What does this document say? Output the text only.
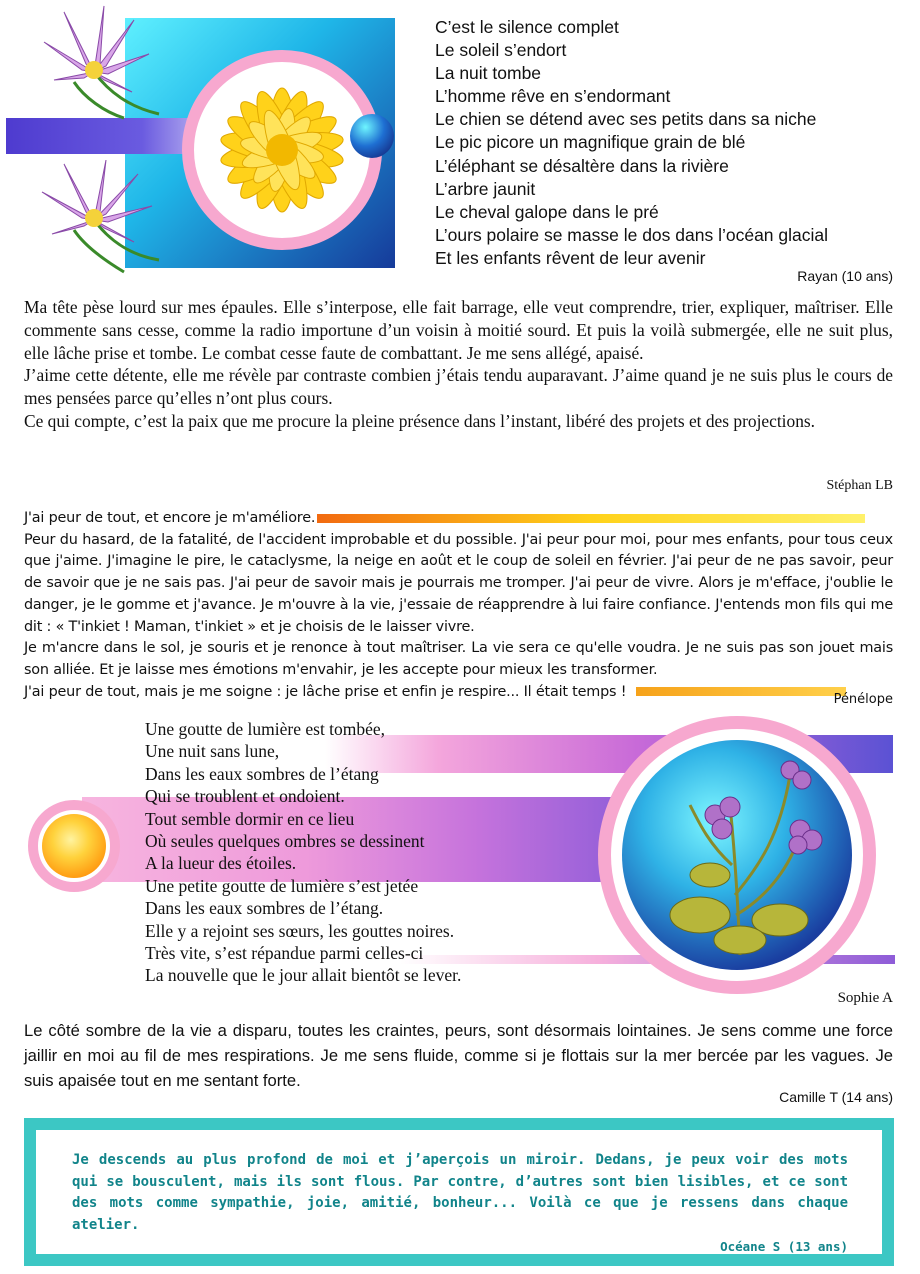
C’est le silence complet
Le soleil s’endort
La nuit tombe
L’homme rêve en s’endormant
Le chien se détend avec ses petits dans sa niche
Le pic picore un magnifique grain de blé
L’éléphant se désaltère dans la rivière
L’arbre jaunit
Le cheval galope dans le pré
L’ours polaire se masse le dos dans l’océan glacial
Et les enfants rêvent de leur avenir
Rayan (10 ans)

Ma tête pèse lourd sur mes épaules. Elle s’interpose, elle fait barrage, elle veut comprendre, trier, expliquer, maîtriser. Elle commente sans cesse, comme la radio importune d’un voisin à moitié sourd. Et puis la voilà submergée, elle ne suit plus, elle lâche prise et tombe. Le combat cesse faute de combattant. Je me sens allégé, apaisé.

J’aime cette détente, elle me révèle par contraste combien j’étais tendu auparavant. J’aime quand je ne suis plus le cours de mes pensées parce qu’elles n’ont plus cours.

Ce qui compte, c’est la paix que me procure la pleine présence dans l’instant, libéré des projets et des projections.

Stéphan LB

J'ai peur de tout, et encore je m'améliore.

Peur du hasard, de la fatalité, de l'accident improbable et du possible. J'ai peur pour moi, pour mes enfants, pour tous ceux que j'aime. J'imagine le pire, le cataclysme, la neige en août et le coup de soleil en février. J'ai peur de ne pas savoir, peur de savoir que je ne sais pas. J'ai peur de savoir mais je pourrais me tromper. J'ai peur de vivre. Alors je m'efface, j'oublie le danger, je le gomme et j'avance. Je m'ouvre à la vie, j'essaie de réapprendre à lui faire confiance. J'entends mon fils qui me dit : « T'inkiet ! Maman, t'inkiet » et je choisis de le laisser vivre.

Je m'ancre dans le sol, je souris et je renonce à tout maîtriser. La vie sera ce qu'elle voudra. Je ne suis pas son jouet mais son alliée. Et je laisse mes émotions m'envahir, je les accepte pour mieux les transformer.

J'ai peur de tout, mais je me soigne : je lâche prise et enfin je respire... Il était temps !	Pénélope
Une goutte de lumière est tombée,
Une nuit sans lune,
Dans les eaux sombres de l’étang
Qui se troublent et ondoient.
Tout semble dormir en ce lieu
Où seules quelques ombres se dessinent
A la lueur des étoiles.
Une petite goutte de lumière s’est jetée
Dans les eaux sombres de l’étang.
Elle y a rejoint ses sœurs, les gouttes noires.
Très vite, s’est répandue parmi celles-ci
La nouvelle que le jour allait bientôt se lever.
Sophie A
Le côté sombre de la vie a disparu, toutes les craintes, peurs, sont désormais lointaines. Je sens comme une force jaillir en moi au fil de mes respirations. Je me sens fluide, comme si je flottais sur la mer bercée par les vagues. Je suis apaisée tout en me sentant forte.
Camille T (14 ans)
Je descends au plus profond de moi et j’aperçois un miroir. Dedans, je peux voir des mots qui se bousculent, mais ils sont flous. Par contre, d’autres sont bien lisibles, et ce sont des mots comme sympathie, joie, amitié, bonheur... Voilà ce que je ressens dans chaque atelier.
Océane S (13 ans)
